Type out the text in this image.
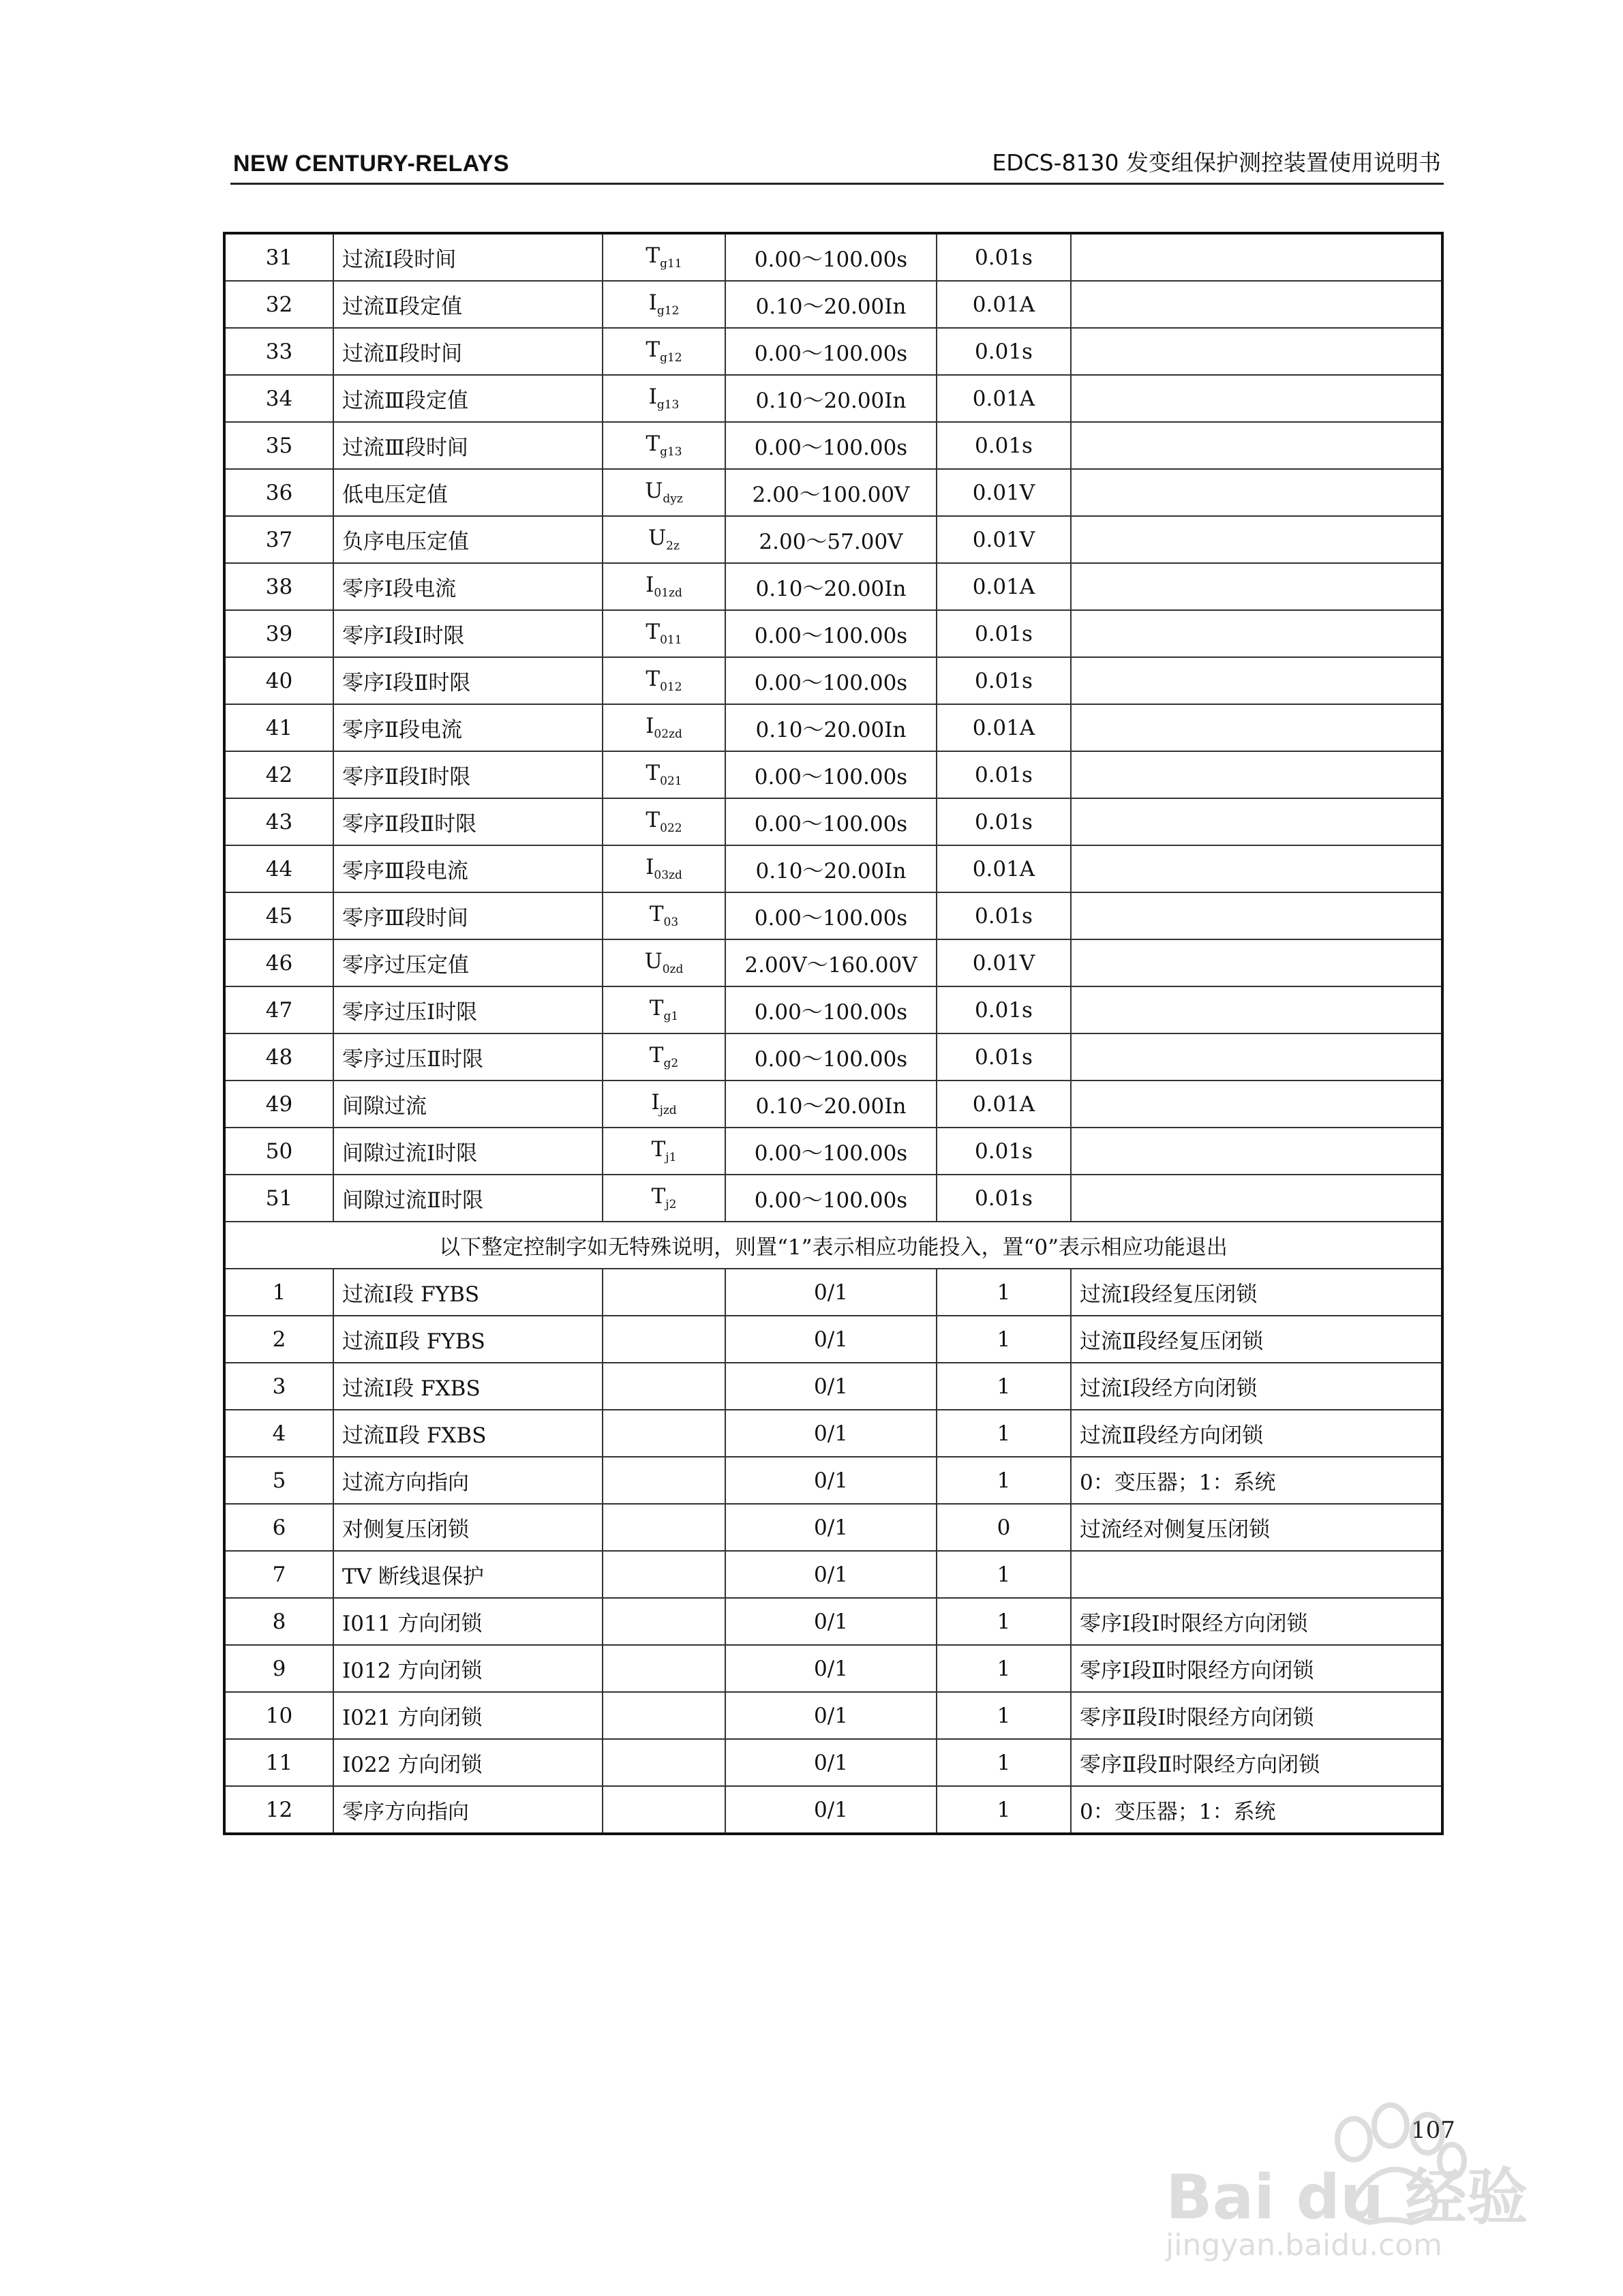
NEW CENTURY-RELAYS	EDCS-8130 发变组保护测控装置使用说明书
31	过流Ⅰ段时间	$T_{g11}$	0.00～100.00s	0.01s	
32	过流Ⅱ段定值	$I_{g12}$	0.10～20.00In	0.01A	
33	过流Ⅱ段时间	$T_{g12}$	0.00～100.00s	0.01s	
34	过流Ⅲ段定值	$I_{g13}$	0.10～20.00In	0.01A	
35	过流Ⅲ段时间	$T_{g13}$	0.00～100.00s	0.01s	
36	低电压定值	$U_{dyz}$	2.00～100.00V	0.01V	
37	负序电压定值	$U_{2z}$	2.00～57.00V	0.01V	
38	零序Ⅰ段电流	$I_{01zd}$	0.10～20.00In	0.01A	
39	零序Ⅰ段Ⅰ时限	$T_{011}$	0.00～100.00s	0.01s	
40	零序Ⅰ段Ⅱ时限	$T_{012}$	0.00～100.00s	0.01s	
41	零序Ⅱ段电流	$I_{02zd}$	0.10～20.00In	0.01A	
42	零序Ⅱ段Ⅰ时限	$T_{021}$	0.00～100.00s	0.01s	
43	零序Ⅱ段Ⅱ时限	$T_{022}$	0.00～100.00s	0.01s	
44	零序Ⅲ段电流	$I_{03zd}$	0.10～20.00In	0.01A	
45	零序Ⅲ段时间	$T_{03}$	0.00～100.00s	0.01s	
46	零序过压定值	$U_{0zd}$	2.00V～160.00V	0.01V	
47	零序过压Ⅰ时限	$T_{g1}$	0.00～100.00s	0.01s	
48	零序过压Ⅱ时限	$T_{g2}$	0.00～100.00s	0.01s	
49	间隙过流	$I_{jzd}$	0.10～20.00In	0.01A	
50	间隙过流Ⅰ时限	$T_{j1}$	0.00～100.00s	0.01s	
51	间隙过流Ⅱ时限	$T_{j2}$	0.00～100.00s	0.01s	
以下整定控制字如无特殊说明，则置“1”表示相应功能投入，置“0”表示相应功能退出					
1	过流Ⅰ段 FYBS		0/1	1	过流Ⅰ段经复压闭锁
2	过流Ⅱ段 FYBS		0/1	1	过流Ⅱ段经复压闭锁
3	过流Ⅰ段 FXBS		0/1	1	过流Ⅰ段经方向闭锁
4	过流Ⅱ段 FXBS		0/1	1	过流Ⅱ段经方向闭锁
5	过流方向指向		0/1	1	0：变压器；1：系统
6	对侧复压闭锁		0/1	0	过流经对侧复压闭锁
7	TV 断线退保护		0/1	1	
8	I011 方向闭锁		0/1	1	零序Ⅰ段Ⅰ时限经方向闭锁
9	I012 方向闭锁		0/1	1	零序Ⅰ段Ⅱ时限经方向闭锁
10	I021 方向闭锁		0/1	1	零序Ⅱ段Ⅰ时限经方向闭锁
11	I022 方向闭锁		0/1	1	零序Ⅱ段Ⅱ时限经方向闭锁
12	零序方向指向		0/1	1	0：变压器；1：系统
107
Bai du 经验
jingyan.baidu.com
